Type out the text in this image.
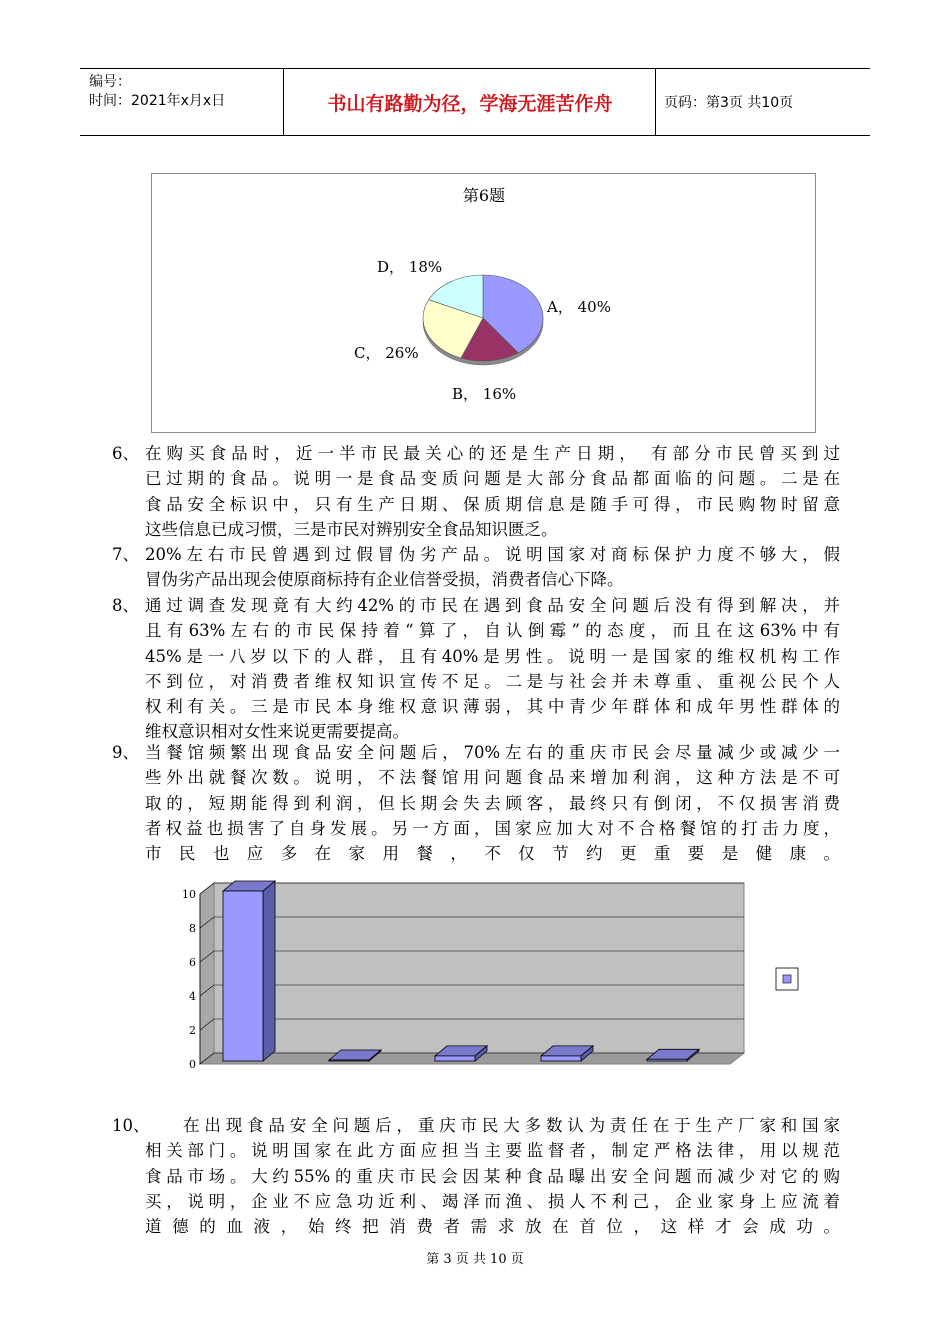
编号：
时间：2021年x月x日	书山有路勤为径，学海无涯苦作舟	页码：第3页 共10页
第6题
A， 40%
B， 16%
C， 26%
D， 18%
6、 在购买食品时，近一半市民最关心的还是生产日期， 有部分市民曾买到过
已过期的食品。说明一是食品变质问题是大部分食品都面临的问题。二是在
食品安全标识中，只有生产日期、保质期信息是随手可得，市民购物时留意
这些信息已成习惯，三是市民对辨别安全食品知识匮乏。
7、 20%左右市民曾遇到过假冒伪劣产品。说明国家对商标保护力度不够大，假
冒伪劣产品出现会使原商标持有企业信誉受损，消费者信心下降。
8、 通过调查发现竟有大约42%的市民在遇到食品安全问题后没有得到解决，并
且有63%左右的市民保持着“算了，自认倒霉”的态度，而且在这63%中有
45%是一八岁以下的人群，且有40%是男性。说明一是国家的维权机构工作
不到位，对消费者维权知识宣传不足。二是与社会并未尊重、重视公民个人
权利有关。三是市民本身维权意识薄弱，其中青少年群体和成年男性群体的
维权意识相对女性来说更需要提高。
9、 当餐馆频繁出现食品安全问题后，70%左右的重庆市民会尽量减少或减少一
些外出就餐次数。说明，不法餐馆用问题食品来增加利润，这种方法是不可
取的，短期能得到利润，但长期会失去顾客，最终只有倒闭，不仅损害消费
者权益也损害了自身发展。另一方面，国家应加大对不合格餐馆的打击力度，
市 民 也 应 多 在 家 用 餐 ， 不 仅 节 约 更 重 要 是 健 康 。
0
2
4
6
8
10
10、	在出现食品安全问题后，重庆市民大多数认为责任在于生产厂家和国家
相关部门。说明国家在此方面应担当主要监督者，制定严格法律，用以规范
食品市场。大约55%的重庆市民会因某种食品曝出安全问题而减少对它的购
买，说明，企业不应急功近利、竭泽而渔、损人不利己，企业家身上应流着
道 德 的 血 液 ， 始 终 把 消 费 者 需 求 放 在 首 位 ， 这 样 才 会 成 功 。
第 3 页 共 10 页
